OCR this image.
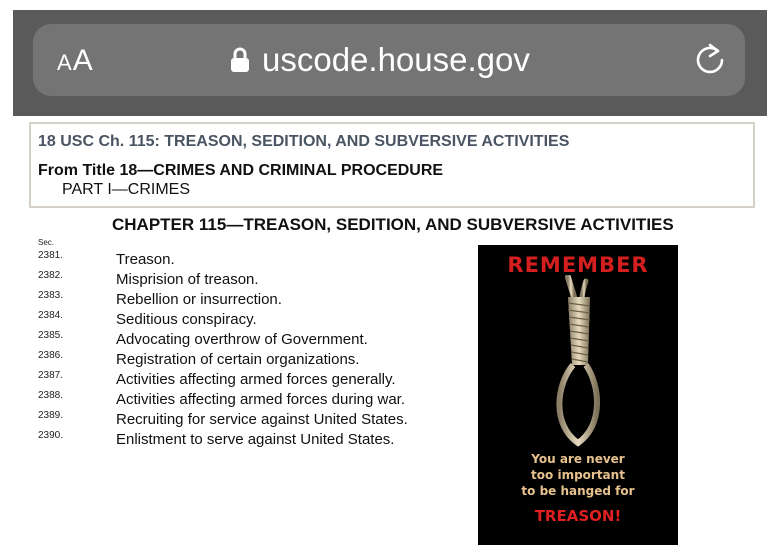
AA	uscode.house.gov
18 USC Ch. 115: TREASON, SEDITION, AND SUBVERSIVE ACTIVITIES
From Title 18—CRIMES AND CRIMINAL PROCEDURE
PART I—CRIMES
CHAPTER 115—TREASON, SEDITION, AND SUBVERSIVE ACTIVITIES
Sec.
2381.	Treason.
2382.	Misprision of treason.
2383.	Rebellion or insurrection.
2384.	Seditious conspiracy.
2385.	Advocating overthrow of Government.
2386.	Registration of certain organizations.
2387.	Activities affecting armed forces generally.
2388.	Activities affecting armed forces during war.
2389.	Recruiting for service against United States.
2390.	Enlistment to serve against United States.
REMEMBER
You are never
too important
to be hanged for
TREASON!
